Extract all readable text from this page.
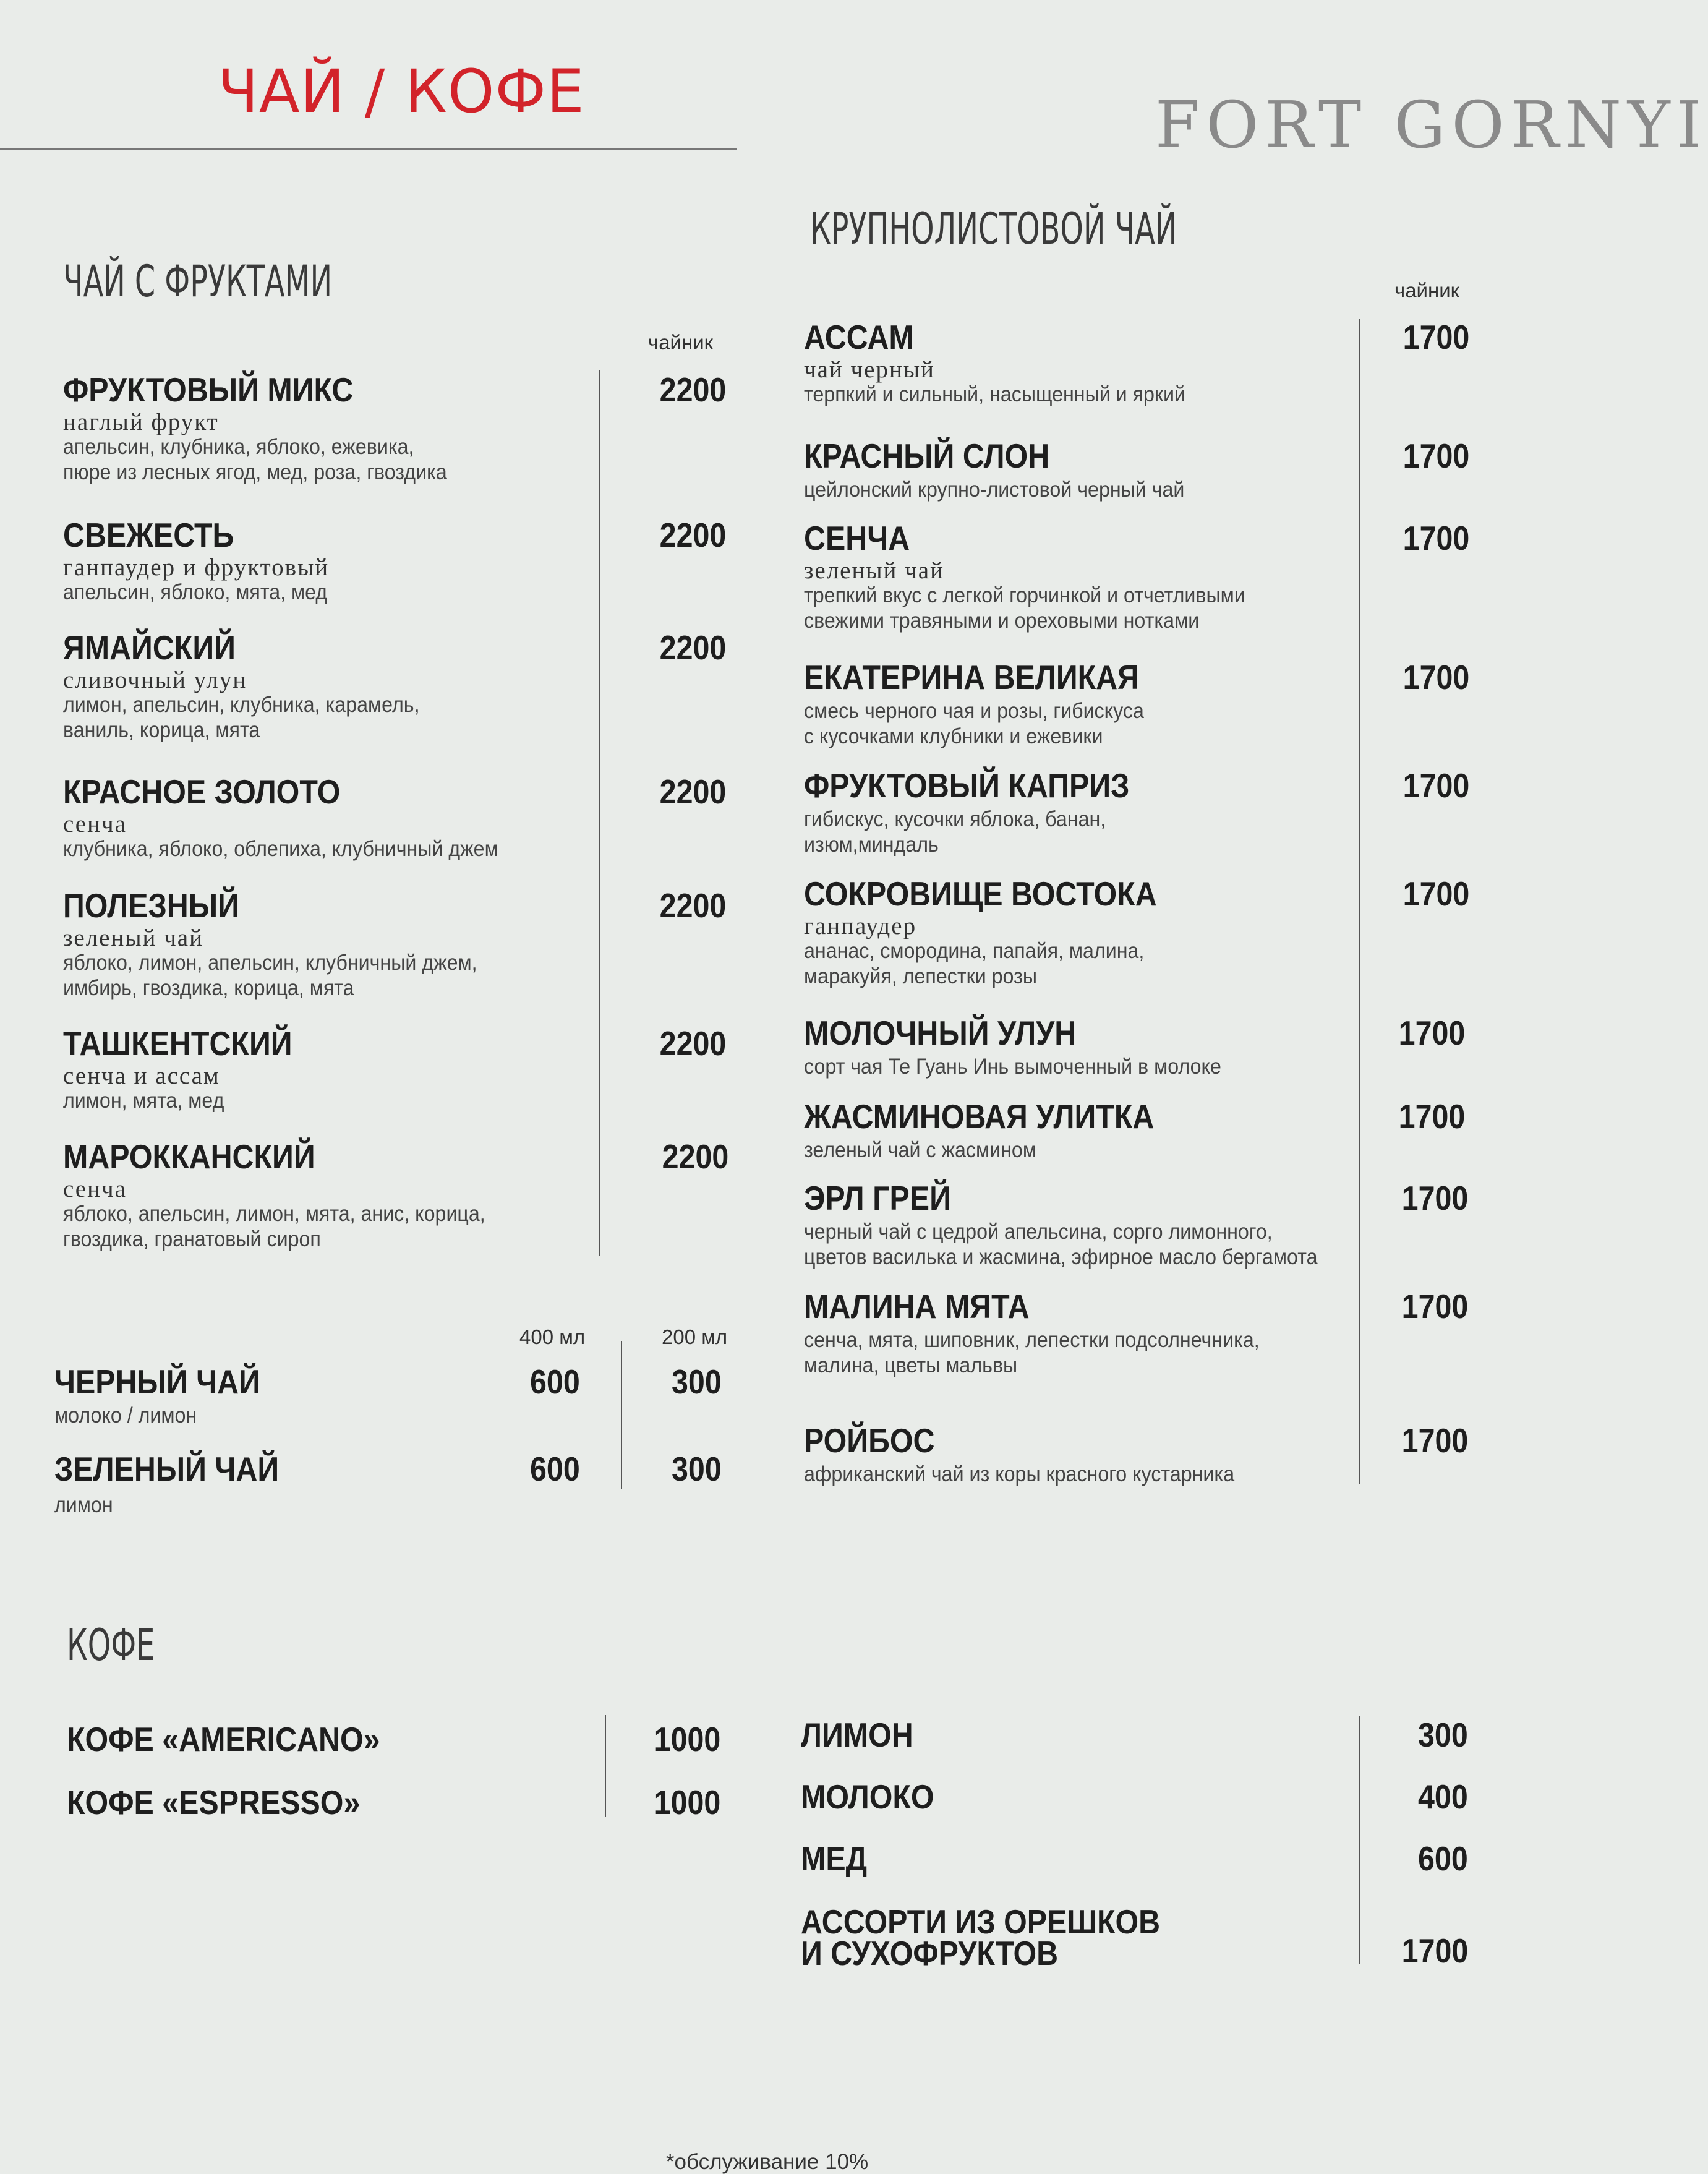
ЧАЙ / КОФЕ	FORT GORNYI
ЧАЙ С ФРУКТАМИ
чайник
ФРУКТОВЫЙ МИКС
наглый фрукт
апельсин, клубника, яблоко, ежевика,
пюре из лесных ягод, мед, роза, гвоздика
2200
СВЕЖЕСТЬ
ганпаудер и фруктовый
апельсин, яблоко, мята, мед
2200
ЯМАЙСКИЙ
сливочный улун
лимон, апельсин, клубника, карамель,
ваниль, корица, мята
2200
КРАСНОЕ ЗОЛОТО
сенча
клубника, яблоко, облепиха, клубничный джем
2200
ПОЛЕЗНЫЙ
зеленый чай
яблоко, лимон, апельсин, клубничный джем,
имбирь, гвоздика, корица, мята
2200
ТАШКЕНТСКИЙ
сенча и ассам
лимон, мята, мед
2200
МАРОККАНСКИЙ
сенча
яблоко, апельсин, лимон, мята, анис, корица,
гвоздика, гранатовый сироп
2200
400 мл	200 мл
ЧЕРНЫЙ ЧАЙ
молоко / лимон
600	300
ЗЕЛЕНЫЙ ЧАЙ
лимон
600	300
КРУПНОЛИСТОВОЙ ЧАЙ
чайник
АССАМ
чай черный
терпкий и сильный, насыщенный и яркий
1700
КРАСНЫЙ СЛОН
цейлонский крупно-листовой черный чай
1700
СЕНЧА
зеленый чай
трепкий вкус с легкой горчинкой и отчетливыми
свежими травяными и ореховыми нотками
1700
ЕКАТЕРИНА ВЕЛИКАЯ
смесь черного чая и розы, гибискуса
с кусочками клубники и ежевики
1700
ФРУКТОВЫЙ КАПРИЗ
гибискус, кусочки яблока, банан,
изюм,миндаль
1700
СОКРОВИЩЕ ВОСТОКА
ганпаудер
ананас, смородина, папайя, малина,
маракуйя, лепестки розы
1700
МОЛОЧНЫЙ УЛУН
сорт чая Те Гуань Инь вымоченный в молоке
1700
ЖАСМИНОВАЯ УЛИТКА
зеленый чай с жасмином
1700
ЭРЛ ГРЕЙ
черный чай с цедрой апельсина, сорго лимонного,
цветов василька и жасмина, эфирное масло бергамота
1700
МАЛИНА МЯТА
сенча, мята, шиповник, лепестки подсолнечника,
малина, цветы мальвы
1700
РОЙБОС
африканский чай из коры красного кустарника
1700
КОФЕ
КОФЕ «AMERICANO»	1000
КОФЕ «ESPRESSO»	1000
ЛИМОН	300
МОЛОКО	400
МЕД	600
АССОРТИ ИЗ ОРЕШКОВ
И СУХОФРУКТОВ	1700
*обслуживание 10%
